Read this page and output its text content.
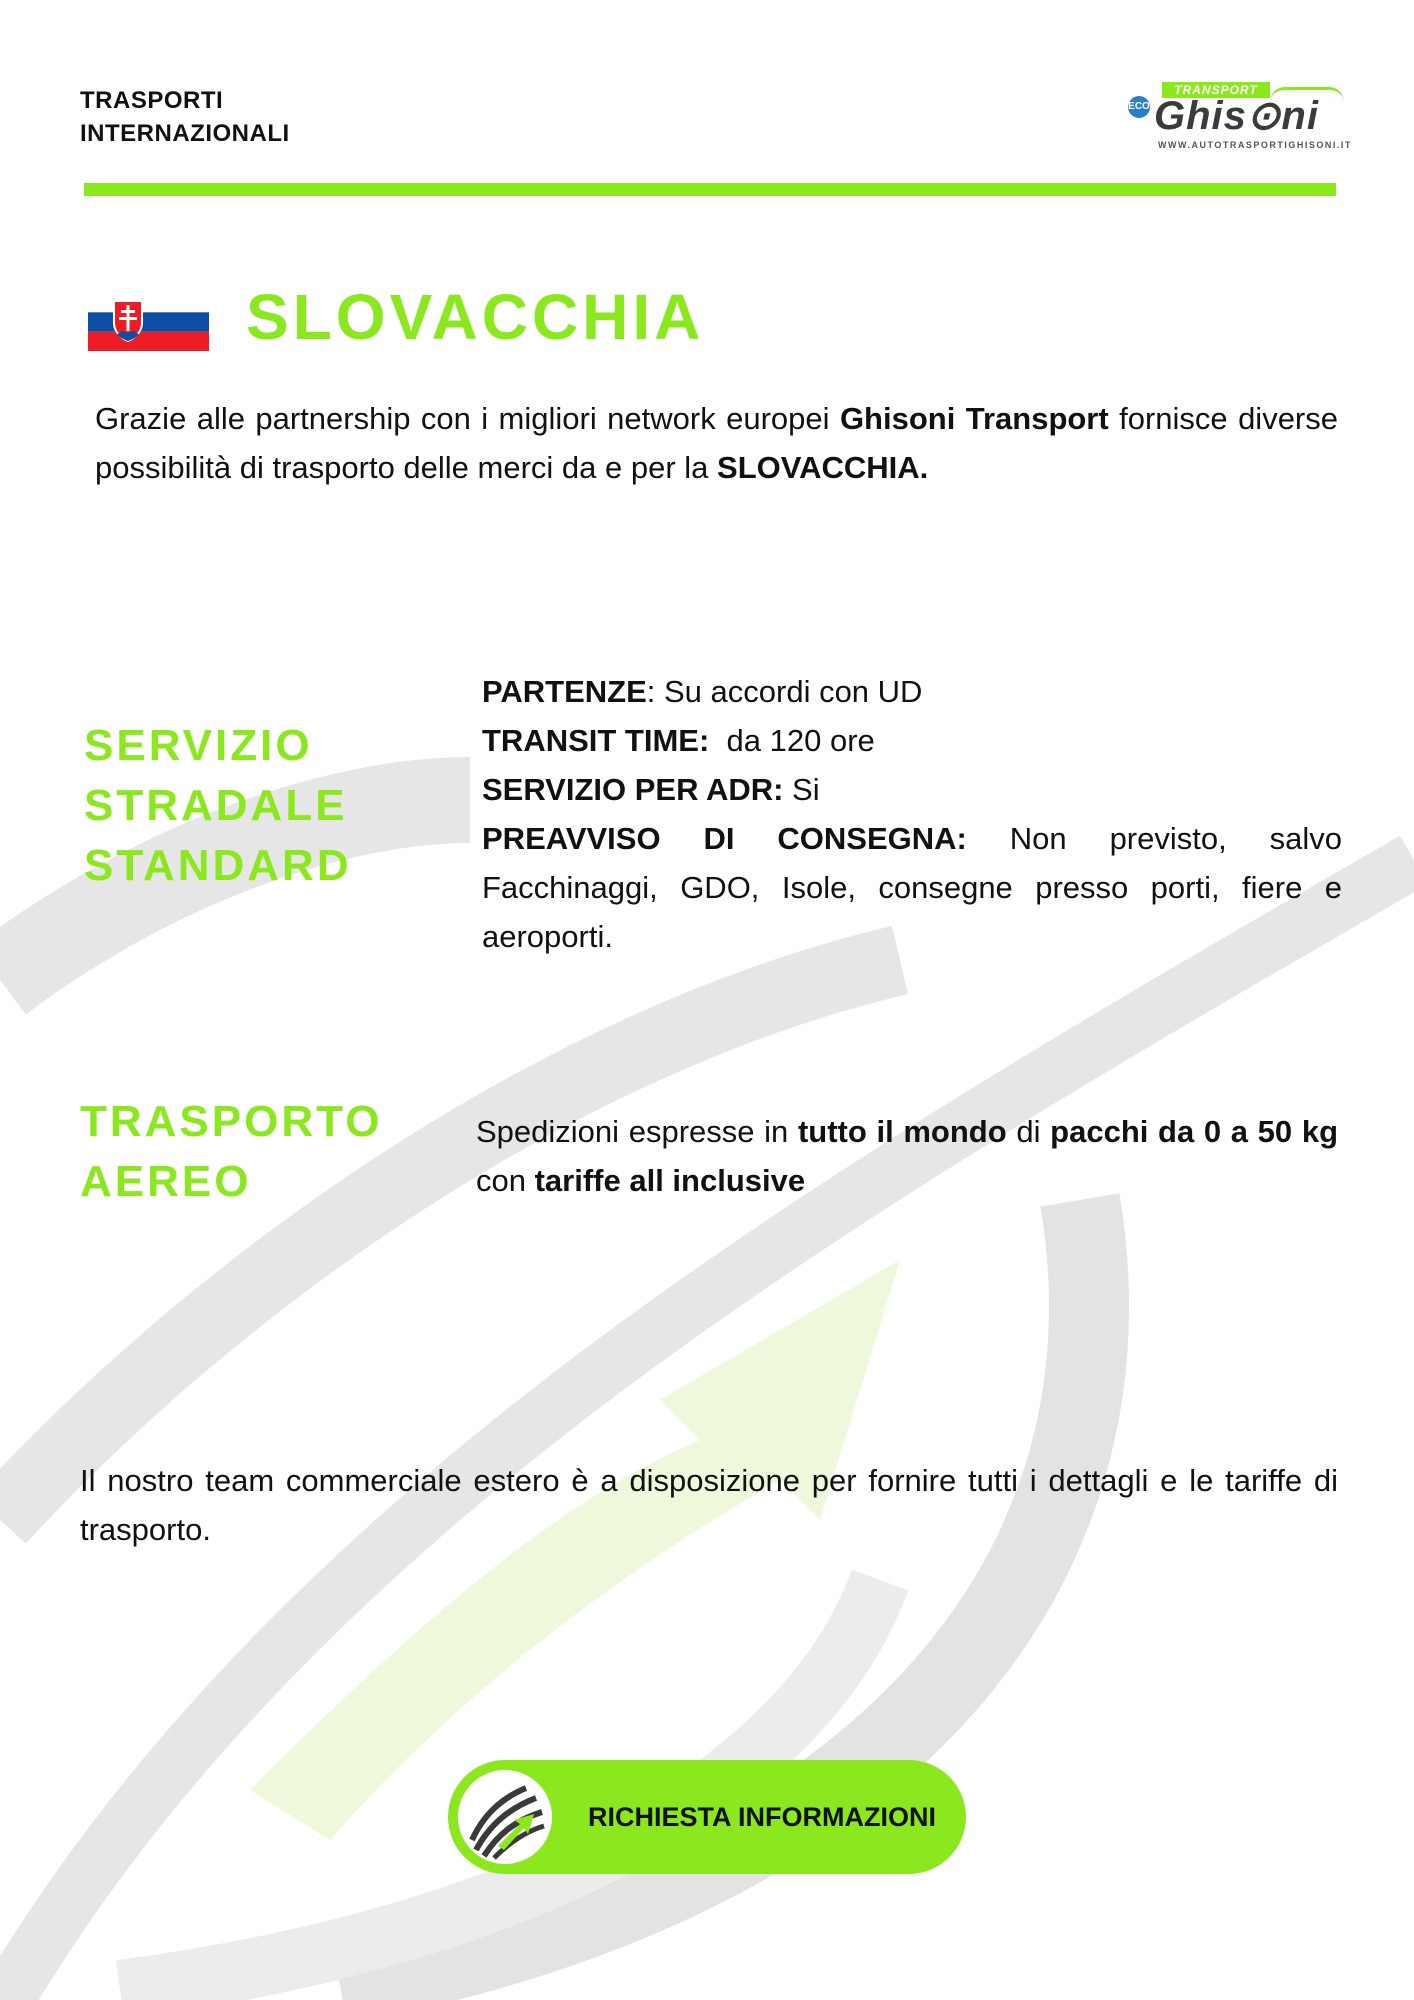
TRASPORTI
INTERNAZIONALI
TRANSPORT
ECO Ghis⊙ni
WWW.AUTOTRASPORTIGHISONI.IT
SLOVACCHIA
Grazie alle partnership con i migliori network europei Ghisoni Transport fornisce diverse possibilità di trasporto delle merci da e per la SLOVACCHIA.
SERVIZIO
STRADALE
STANDARD

PARTENZE: Su accordi con UD

TRANSIT TIME:  da 120 ore

SERVIZIO PER ADR: Si

PREAVVISO DI CONSEGNA: Non previsto, salvo Facchinaggi, GDO, Isole, consegne presso porti, fiere e aeroporti.

TRASPORTO
AEREO
Spedizioni espresse in tutto il mondo di pacchi da 0 a 50 kg con tariffe all inclusive
Il nostro team commerciale estero è a disposizione per fornire tutti i dettagli e le tariffe di trasporto.
RICHIESTA INFORMAZIONI
